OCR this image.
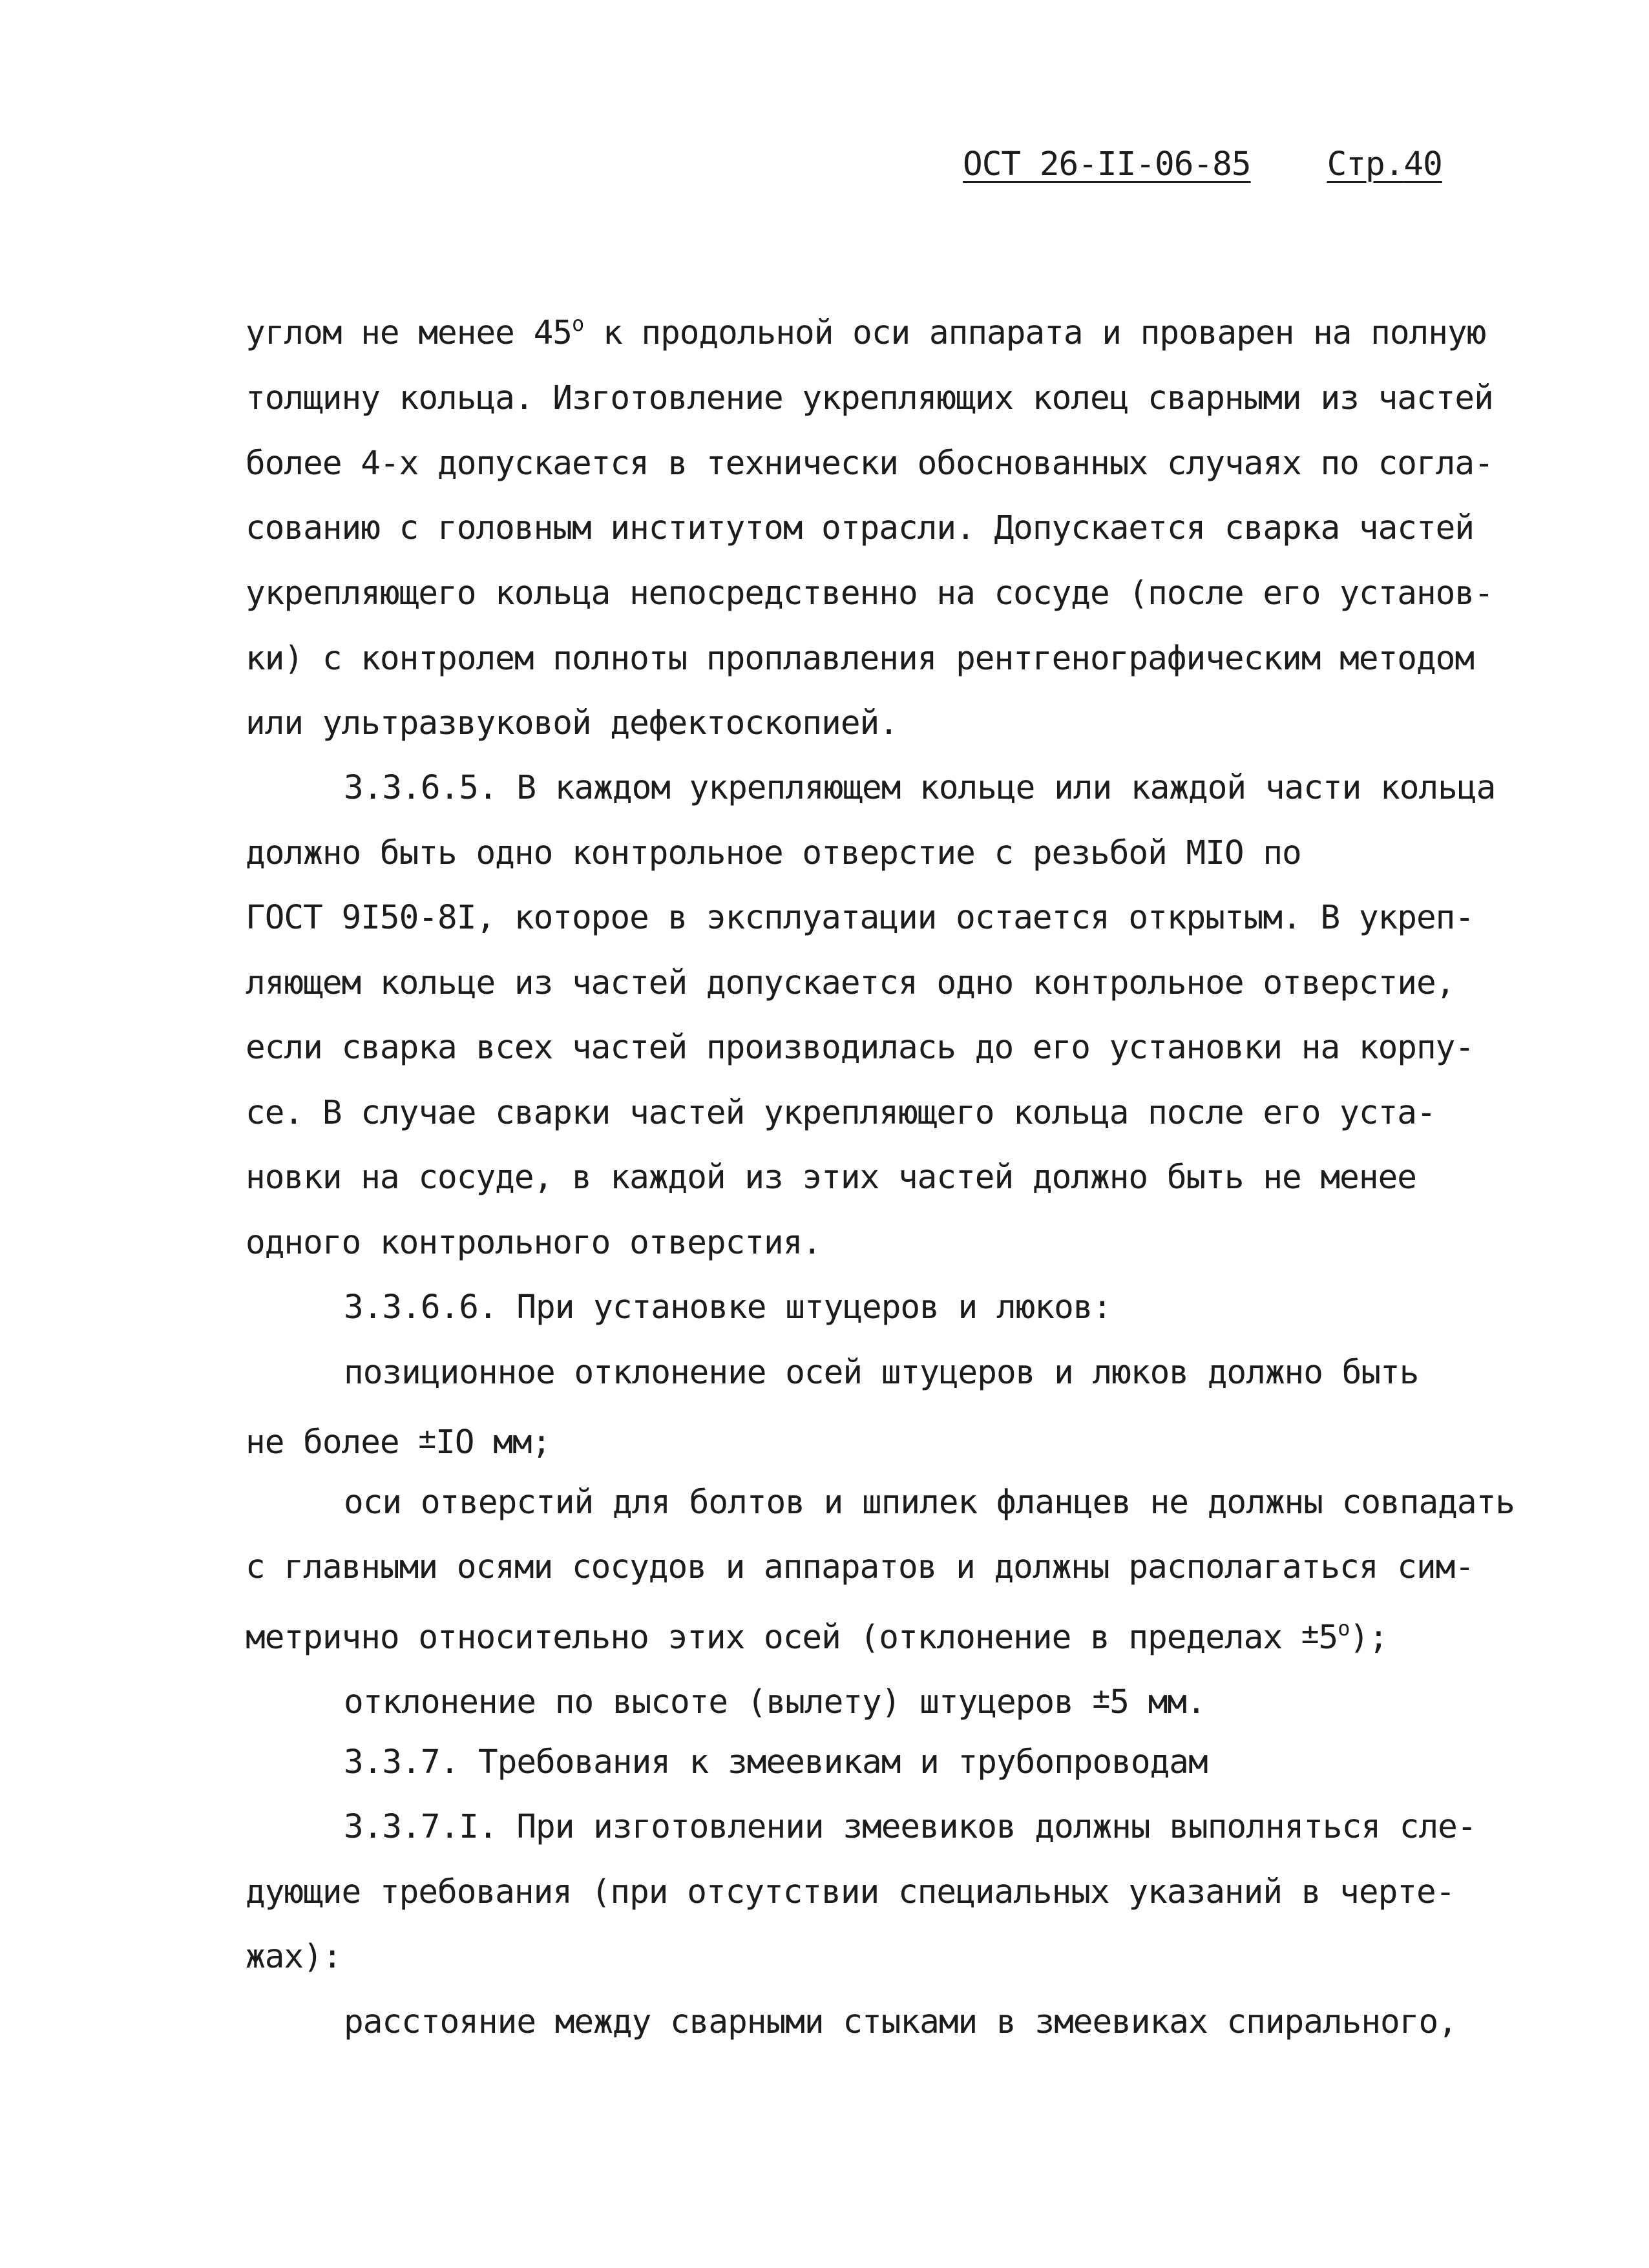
ОСТ 26-II-06-85 Стр.40
углом не менее $45^о$ к продольной оси аппарата и проварен на полную
толщину кольца. Изготовление укрепляющих колец сварными из частей
более 4-х допускается в технически обоснованных случаях по согла-
сованию с головным институтом отрасли. Допускается сварка частей
укрепляющего кольца непосредственно на сосуде (после его установ-
ки) с контролем полноты проплавления рентгенографическим методом
или ультразвуковой дефектоскопией.
3.3.6.5. В каждом укрепляющем кольце или каждой части кольца
должно быть одно контрольное отверстие с резьбой МIО по
ГОСТ 9I50-8I, которое в эксплуатации остается открытым. В укреп-
ляющем кольце из частей допускается одно контрольное отверстие,
если сварка всех частей производилась до его установки на корпу-
се. В случае сварки частей укрепляющего кольца после его уста-
новки на сосуде, в каждой из этих частей должно быть не менее
одного контрольного отверстия.
3.3.6.6. При установке штуцеров и люков:
позиционное отклонение осей штуцеров и люков должно быть
не более ±IО мм;
оси отверстий для болтов и шпилек фланцев не должны совпадать
с главными осями сосудов и аппаратов и должны располагаться сим-
метрично относительно этих осей (отклонение в пределах $\pm 5^о$);
отклонение по высоте (вылету) штуцеров ±5 мм.
3.3.7. Требования к змеевикам и трубопроводам
3.3.7.I. При изготовлении змеевиков должны выполняться сле-
дующие требования (при отсутствии специальных указаний в черте-
жах):
расстояние между сварными стыками в змеевиках спирального,
